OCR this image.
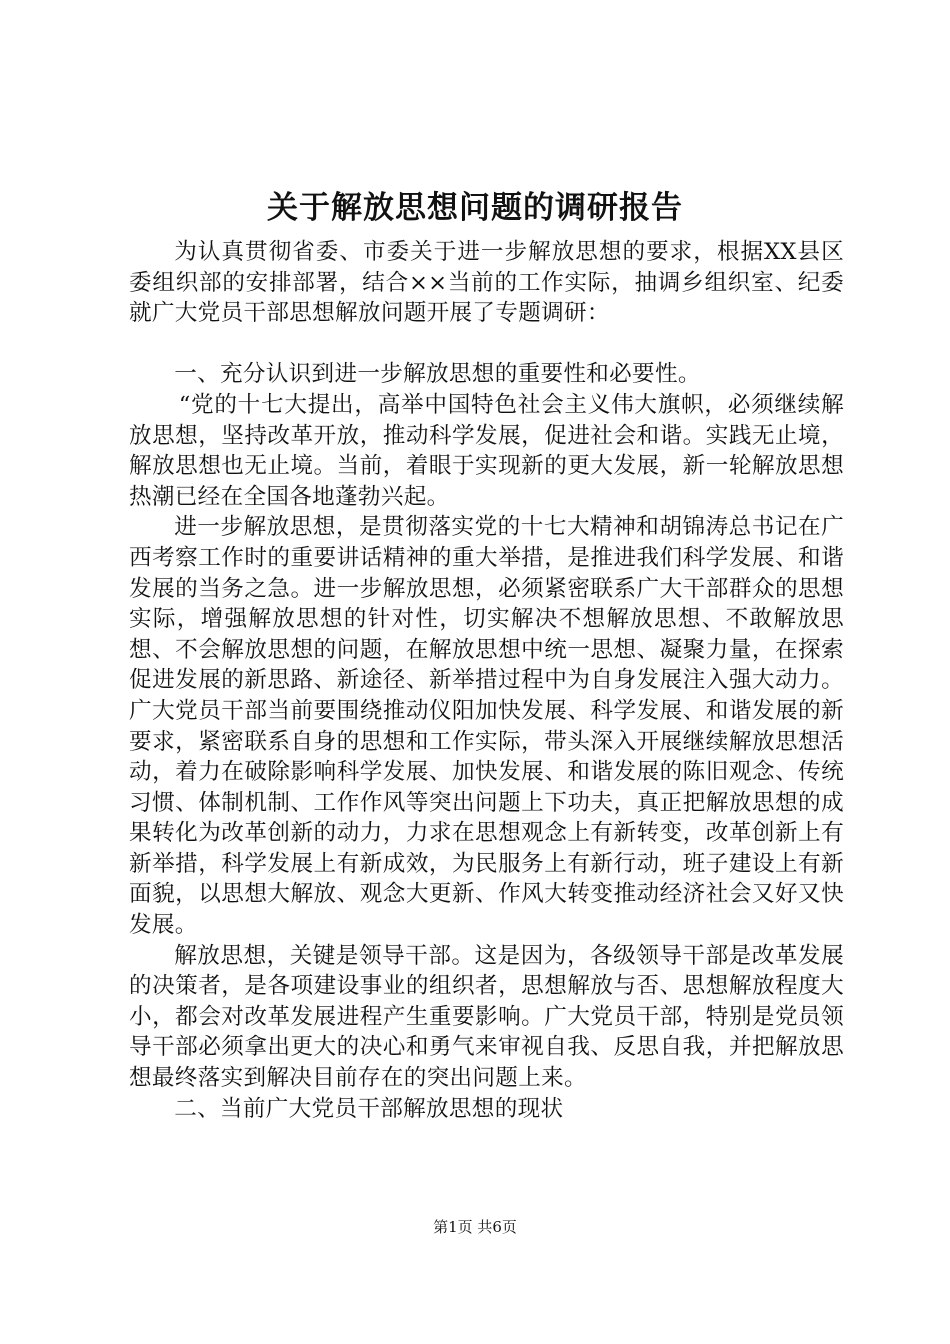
关于解放思想问题的调研报告

为认真贯彻省委、市委关于进一步解放思想的要求，根据XX县区委组织部的安排部署，结合××当前的工作实际，抽调乡组织室、纪委就广大党员干部思想解放问题开展了专题调研：

一、充分认识到进一步解放思想的重要性和必要性。

“党的十七大提出，高举中国特色社会主义伟大旗帜，必须继续解放思想，坚持改革开放，推动科学发展，促进社会和谐。实践无止境，解放思想也无止境。当前，着眼于实现新的更大发展，新一轮解放思想热潮已经在全国各地蓬勃兴起。

进一步解放思想，是贯彻落实党的十七大精神和胡锦涛总书记在广西考察工作时的重要讲话精神的重大举措，是推进我们科学发展、和谐发展的当务之急。进一步解放思想，必须紧密联系广大干部群众的思想实际，增强解放思想的针对性，切实解决不想解放思想、不敢解放思想、不会解放思想的问题，在解放思想中统一思想、凝聚力量，在探索促进发展的新思路、新途径、新举措过程中为自身发展注入强大动力。广大党员干部当前要围绕推动仪阳加快发展、科学发展、和谐发展的新要求，紧密联系自身的思想和工作实际，带头深入开展继续解放思想活动，着力在破除影响科学发展、加快发展、和谐发展的陈旧观念、传统习惯、体制机制、工作作风等突出问题上下功夫，真正把解放思想的成果转化为改革创新的动力，力求在思想观念上有新转变，改革创新上有新举措，科学发展上有新成效，为民服务上有新行动，班子建设上有新面貌，以思想大解放、观念大更新、作风大转变推动经济社会又好又快发展。

解放思想，关键是领导干部。这是因为，各级领导干部是改革发展的决策者，是各项建设事业的组织者，思想解放与否、思想解放程度大小，都会对改革发展进程产生重要影响。广大党员干部，特别是党员领导干部必须拿出更大的决心和勇气来审视自我、反思自我，并把解放思想最终落实到解决目前存在的突出问题上来。

二、当前广大党员干部解放思想的现状

第1页 共6页
